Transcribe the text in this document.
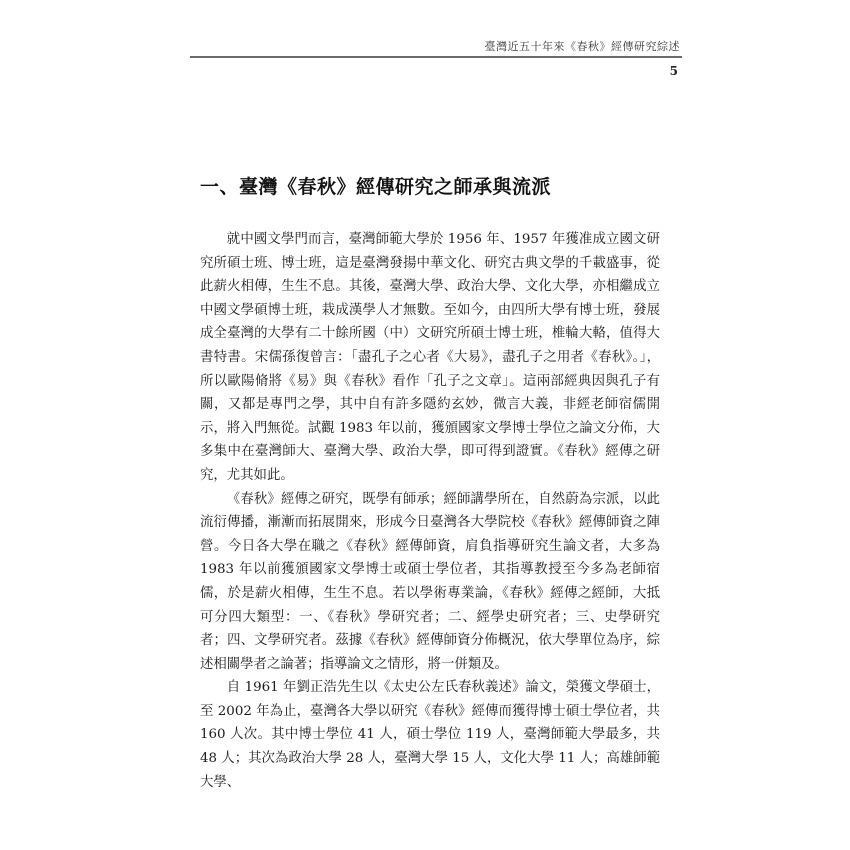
臺灣近五十年來《春秋》經傳研究綜述
5
一、臺灣《春秋》經傳研究之師承與流派

就中國文學門而言，臺灣師範大學於 1956 年、1957 年獲准成立國文研究所碩士班、博士班，這是臺灣發揚中華文化、研究古典文學的千載盛事，從此薪火相傳，生生不息。其後，臺灣大學、政治大學、文化大學，亦相繼成立中國文學碩博士班，栽成漢學人才無數。至如今，由四所大學有博士班，發展成全臺灣的大學有二十餘所國（中）文研究所碩士博士班，椎輪大輅，值得大書特書。宋儒孫復曾言：「盡孔子之心者《大易》，盡孔子之用者《春秋》。」，所以歐陽脩將《易》與《春秋》看作「孔子之文章」。這兩部經典因與孔子有關，又都是專門之學，其中自有許多隱約玄妙，微言大義，非經老師宿儒開示，將入門無從。試觀 1983 年以前，獲頒國家文學博士學位之論文分佈，大多集中在臺灣師大、臺灣大學、政治大學，即可得到證實。《春秋》經傳之研究，尤其如此。

《春秋》經傳之研究，既學有師承；經師講學所在，自然蔚為宗派，以此流衍傳播，漸漸而拓展開來，形成今日臺灣各大學院校《春秋》經傳師資之陣營。今日各大學在職之《春秋》經傳師資，肩負指導研究生論文者，大多為 1983 年以前獲頒國家文學博士或碩士學位者，其指導教授至今多為老師宿儒，於是薪火相傳，生生不息。若以學術專業論，《春秋》經傳之經師，大抵可分四大類型：一、《春秋》學研究者；二、經學史研究者；三、史學研究者；四、文學研究者。茲據《春秋》經傳師資分佈概況，依大學單位為序，綜述相關學者之論著；指導論文之情形，將一併類及。

自 1961 年劉正浩先生以《太史公左氏春秋義述》論文，榮獲文學碩士，至 2002 年為止，臺灣各大學以研究《春秋》經傳而獲得博士碩士學位者，共 160 人次。其中博士學位 41 人，碩士學位 119 人，臺灣師範大學最多，共 48 人；其次為政治大學 28 人，臺灣大學 15 人，文化大學 11 人；高雄師範大學、
